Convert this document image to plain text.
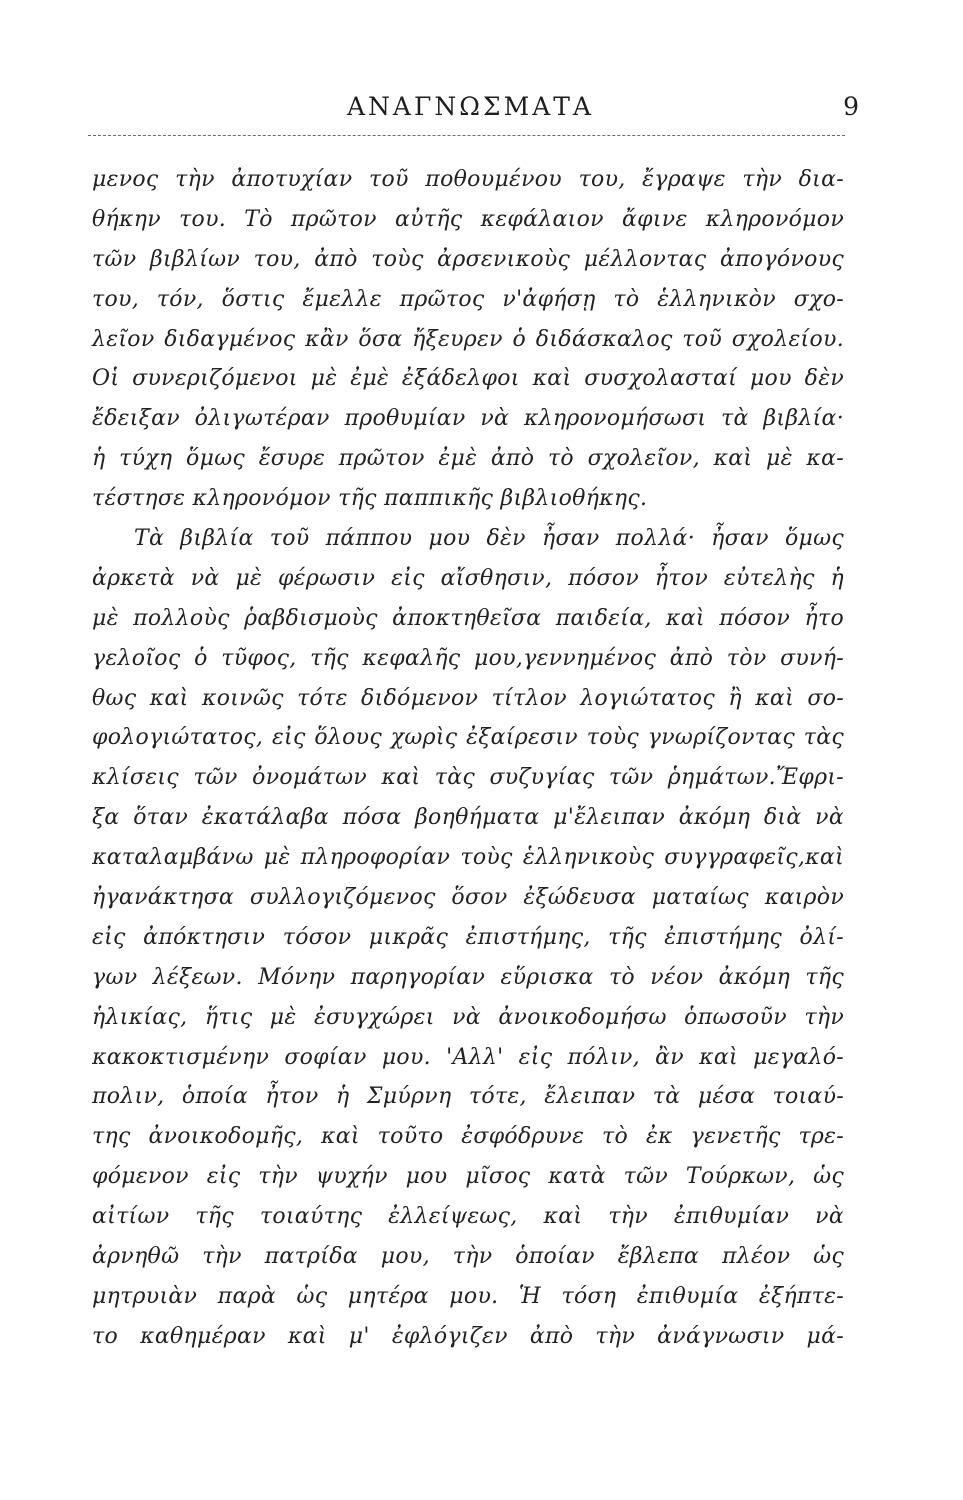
ΑΝΑΓΝΩΣΜΑΤΑ	9
μενος τὴν ἀποτυχίαν τοῦ ποθουμένου του, ἔγραψε τὴν δια-
θήκην του. Τὸ πρῶτον αὐτῆς κεφάλαιον ἄφινε κληρονόμον
τῶν βιβλίων του, ἀπὸ τοὺς ἀρσενικοὺς μέλλοντας ἀπογόνους
του, τόν, ὅστις ἔμελλε πρῶτος ν'ἀφήσῃ τὸ ἑλληνικὸν σχο-
λεῖον διδαγμένος κἂν ὅσα ἤξευρεν ὁ διδάσκαλος τοῦ σχολείου.
Οἱ συνεριζόμενοι μὲ ἐμὲ ἐξάδελφοι καὶ συσχολασταί μου δὲν
ἔδειξαν ὀλιγωτέραν προθυμίαν νὰ κληρονομήσωσι τὰ βιβλία·
ἡ τύχη ὅμως ἔσυρε πρῶτον ἐμὲ ἀπὸ τὸ σχολεῖον, καὶ μὲ κα-
τέστησε κληρονόμον τῆς παππικῆς βιβλιοθήκης.
Τὰ βιβλία τοῦ πάππου μου δὲν ἦσαν πολλά· ἦσαν ὅμως
ἀρκετὰ νὰ μὲ φέρωσιν εἰς αἴσθησιν, πόσον ἦτον εὐτελὴς ἡ
μὲ πολλοὺς ῥαβδισμοὺς ἀποκτηθεῖσα παιδεία, καὶ πόσον ἦτο
γελοῖος ὁ τῦφος, τῆς κεφαλῆς μου,γεννημένος ἀπὸ τὸν συνή-
θως καὶ κοινῶς τότε διδόμενον τίτλον λογιώτατος ἢ καὶ σο-
φολογιώτατος, εἰς ὅλους χωρὶς ἐξαίρεσιν τοὺς γνωρίζοντας τὰς
κλίσεις τῶν ὀνομάτων καὶ τὰς συζυγίας τῶν ῥημάτων.Ἔφρι-
ξα ὅταν ἐκατάλαβα πόσα βοηθήματα μ'ἔλειπαν ἀκόμη διὰ νὰ
καταλαμβάνω μὲ πληροφορίαν τοὺς ἑλληνικοὺς συγγραφεῖς,καὶ
ἠγανάκτησα συλλογιζόμενος ὅσον ἐξώδευσα ματαίως καιρὸν
εἰς ἀπόκτησιν τόσον μικρᾶς ἐπιστήμης, τῆς ἐπιστήμης ὀλί-
γων λέξεων. Μόνην παρηγορίαν εὕρισκα τὸ νέον ἀκόμη τῆς
ἡλικίας, ἥτις μὲ ἐσυγχώρει νὰ ἀνοικοδομήσω ὁπωσοῦν τὴν
κακοκτισμένην σοφίαν μου. 'Αλλ' εἰς πόλιν, ἂν καὶ μεγαλό-
πολιν, ὁποία ἦτον ἡ Σμύρνη τότε, ἔλειπαν τὰ μέσα τοιαύ-
της ἀνοικοδομῆς, καὶ τοῦτο ἐσφόδρυνε τὸ ἐκ γενετῆς τρε-
φόμενον εἰς τὴν ψυχήν μου μῖσος κατὰ τῶν Τούρκων, ὡς
αἰτίων τῆς τοιαύτης ἐλλείψεως, καὶ τὴν ἐπιθυμίαν νὰ
ἀρνηθῶ τὴν πατρίδα μου, τὴν ὁποίαν ἔβλεπα πλέον ὡς
μητρυιὰν παρὰ ὡς μητέρα μου. Ἡ τόση ἐπιθυμία ἐξήπτε-
το καθημέραν καὶ μ' ἐφλόγιζεν ἀπὸ τὴν ἀνάγνωσιν μά-
